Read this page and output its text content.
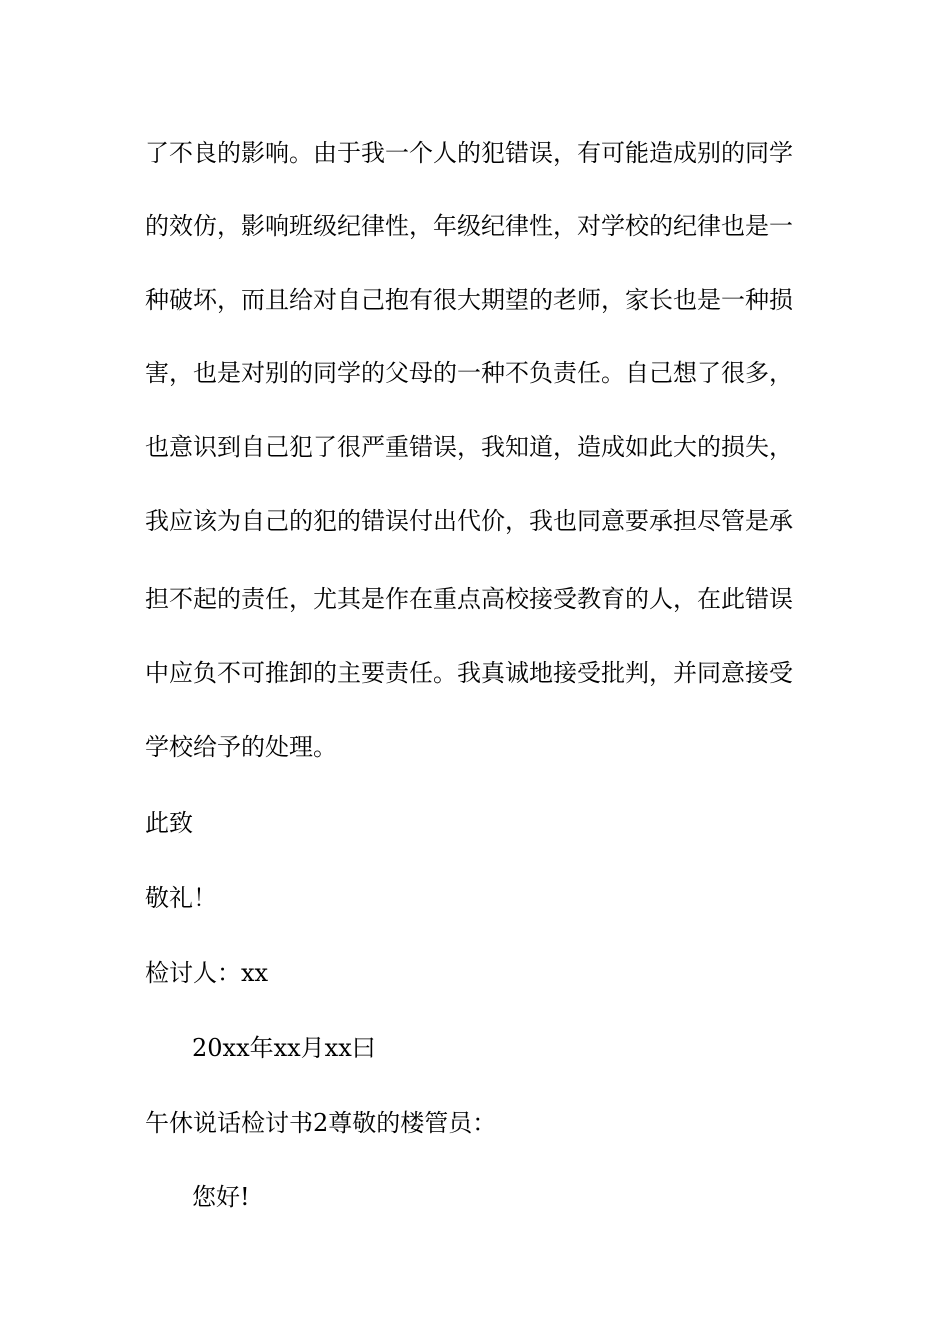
了不良的影响。由于我一个人的犯错误，有可能造成别的同学
的效仿，影响班级纪律性，年级纪律性，对学校的纪律也是一
种破坏，而且给对自己抱有很大期望的老师，家长也是一种损
害，也是对别的同学的父母的一种不负责任。自己想了很多，
也意识到自己犯了很严重错误，我知道，造成如此大的损失，
我应该为自己的犯的错误付出代价，我也同意要承担尽管是承
担不起的责任，尤其是作在重点高校接受教育的人，在此错误
中应负不可推卸的主要责任。我真诚地接受批判，并同意接受
学校给予的处理。
此致
敬礼！
检讨人：xx
20xx年xx月xx曰
午休说话检讨书2尊敬的楼管员：
您好!
